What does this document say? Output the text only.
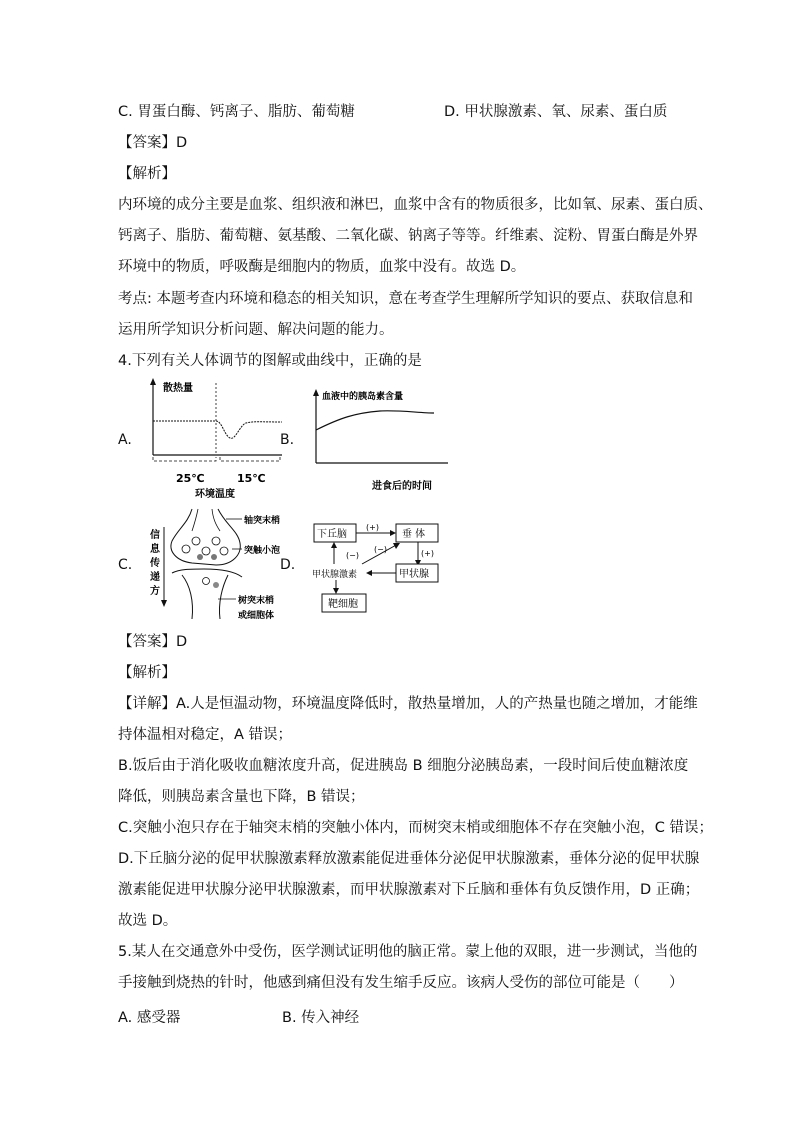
C. 胃蛋白酶、钙离子、脂肪、葡萄糖	D. 甲状腺激素、氧、尿素、蛋白质
【答案】D
【解析】
内环境的成分主要是血浆、组织液和淋巴，血浆中含有的物质很多，比如氧、尿素、蛋白质、
钙离子、脂肪、葡萄糖、氨基酸、二氧化碳、钠离子等等。纤维素、淀粉、胃蛋白酶是外界
环境中的物质，呼吸酶是细胞内的物质，血浆中没有。故选 D。
考点: 本题考查内环境和稳态的相关知识，意在考查学生理解所学知识的要点、获取信息和
运用所学知识分析问题、解决问题的能力。
4.下列有关人体调节的图解或曲线中，正确的是
A.	B.
C.	D.
散热量
25℃	15℃
环境温度
血液中的胰岛素含量
进食后的时间
信
息
传
递
方
轴突末梢
突触小泡
树突末梢
或细胞体
下丘脑	垂 体
(+)
(+)
甲状腺
甲状腺激素
(−)
(−)
靶细胞
【答案】D
【解析】
【详解】A.人是恒温动物，环境温度降低时，散热量增加，人的产热量也随之增加，才能维
持体温相对稳定，A 错误；
B.饭后由于消化吸收血糖浓度升高，促进胰岛 B 细胞分泌胰岛素，一段时间后使血糖浓度
降低，则胰岛素含量也下降，B 错误；
C.突触小泡只存在于轴突末梢的突触小体内，而树突末梢或细胞体不存在突触小泡，C 错误；
D.下丘脑分泌的促甲状腺激素释放激素能促进垂体分泌促甲状腺激素，垂体分泌的促甲状腺
激素能促进甲状腺分泌甲状腺激素，而甲状腺激素对下丘脑和垂体有负反馈作用，D 正确；
故选 D。
5.某人在交通意外中受伤，医学测试证明他的脑正常。蒙上他的双眼，进一步测试，当他的
手接触到烧热的针时，他感到痛但没有发生缩手反应。该病人受伤的部位可能是（　　）
A. 感受器	B. 传入神经
